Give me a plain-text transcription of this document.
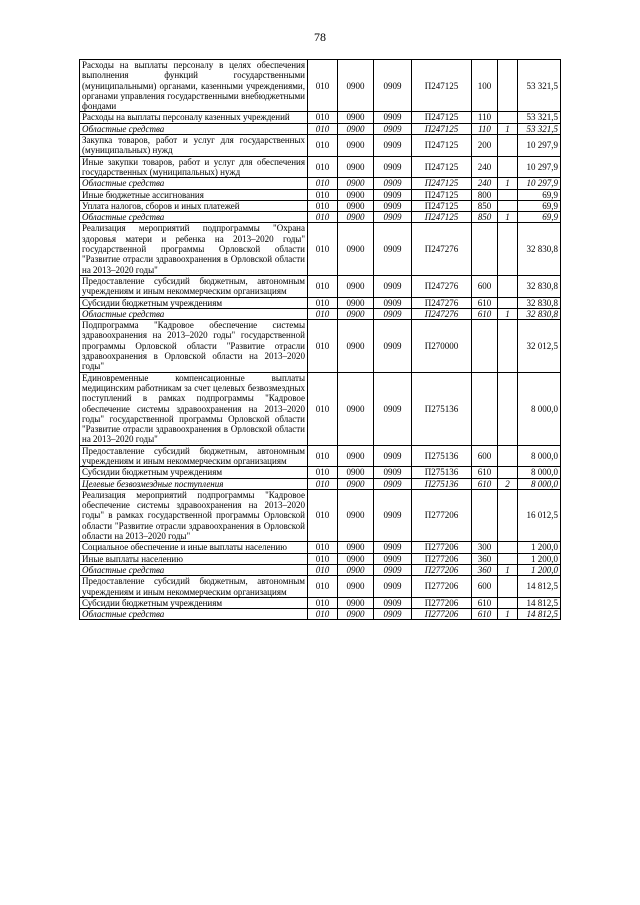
78
Расходы на выплаты персоналу в целях обеспечения выполнения функций государственными (муниципальными) органами, казенными учреждениями, органами управления государственными внебюджетными фондами	010	0900	0909	П247125	100		53 321,5
Расходы на выплаты персоналу казенных учреждений	010	0900	0909	П247125	110		53 321,5
Областные средства	010	0900	0909	П247125	110	1	53 321,5
Закупка товаров, работ и услуг для государственных (муниципальных) нужд	010	0900	0909	П247125	200		10 297,9
Иные закупки товаров, работ и услуг для обеспечения государственных (муниципальных) нужд	010	0900	0909	П247125	240		10 297,9
Областные средства	010	0900	0909	П247125	240	1	10 297,9
Иные бюджетные ассигнования	010	0900	0909	П247125	800		69,9
Уплата налогов, сборов и иных платежей	010	0900	0909	П247125	850		69,9
Областные средства	010	0900	0909	П247125	850	1	69,9
Реализация мероприятий подпрограммы "Охрана здоровья матери и ребенка на 2013–2020 годы" государственной программы Орловской области "Развитие отрасли здравоохранения в Орловской области на 2013–2020 годы"	010	0900	0909	П247276			32 830,8
Предоставление субсидий бюджетным, автономным учреждениям и иным некоммерческим организациям	010	0900	0909	П247276	600		32 830,8
Субсидии бюджетным учреждениям	010	0900	0909	П247276	610		32 830,8
Областные средства	010	0900	0909	П247276	610	1	32 830,8
Подпрограмма "Кадровое обеспечение системы здравоохранения на 2013–2020 годы" государственной программы Орловской области "Развитие отрасли здравоохранения в Орловской области на 2013–2020 годы"	010	0900	0909	П270000			32 012,5
Единовременные компенсационные выплаты медицинским работникам за счет целевых безвозмездных поступлений в рамках подпрограммы "Кадровое обеспечение системы здравоохранения на 2013–2020 годы" государственной программы Орловской области "Развитие отрасли здравоохранения в Орловской области на 2013–2020 годы"	010	0900	0909	П275136			8 000,0
Предоставление субсидий бюджетным, автономным учреждениям и иным некоммерческим организациям	010	0900	0909	П275136	600		8 000,0
Субсидии бюджетным учреждениям	010	0900	0909	П275136	610		8 000,0
Целевые безвозмездные поступления	010	0900	0909	П275136	610	2	8 000,0
Реализация мероприятий подпрограммы "Кадровое обеспечение системы здравоохранения на 2013–2020 годы" в рамках государственной программы Орловской области "Развитие отрасли здравоохранения в Орловской области на 2013–2020 годы"	010	0900	0909	П277206			16 012,5
Социальное обеспечение и иные выплаты населению	010	0900	0909	П277206	300		1 200,0
Иные выплаты населению	010	0900	0909	П277206	360		1 200,0
Областные средства	010	0900	0909	П277206	360	1	1 200,0
Предоставление субсидий бюджетным, автономным учреждениям и иным некоммерческим организациям	010	0900	0909	П277206	600		14 812,5
Субсидии бюджетным учреждениям	010	0900	0909	П277206	610		14 812,5
Областные средства	010	0900	0909	П277206	610	1	14 812,5
